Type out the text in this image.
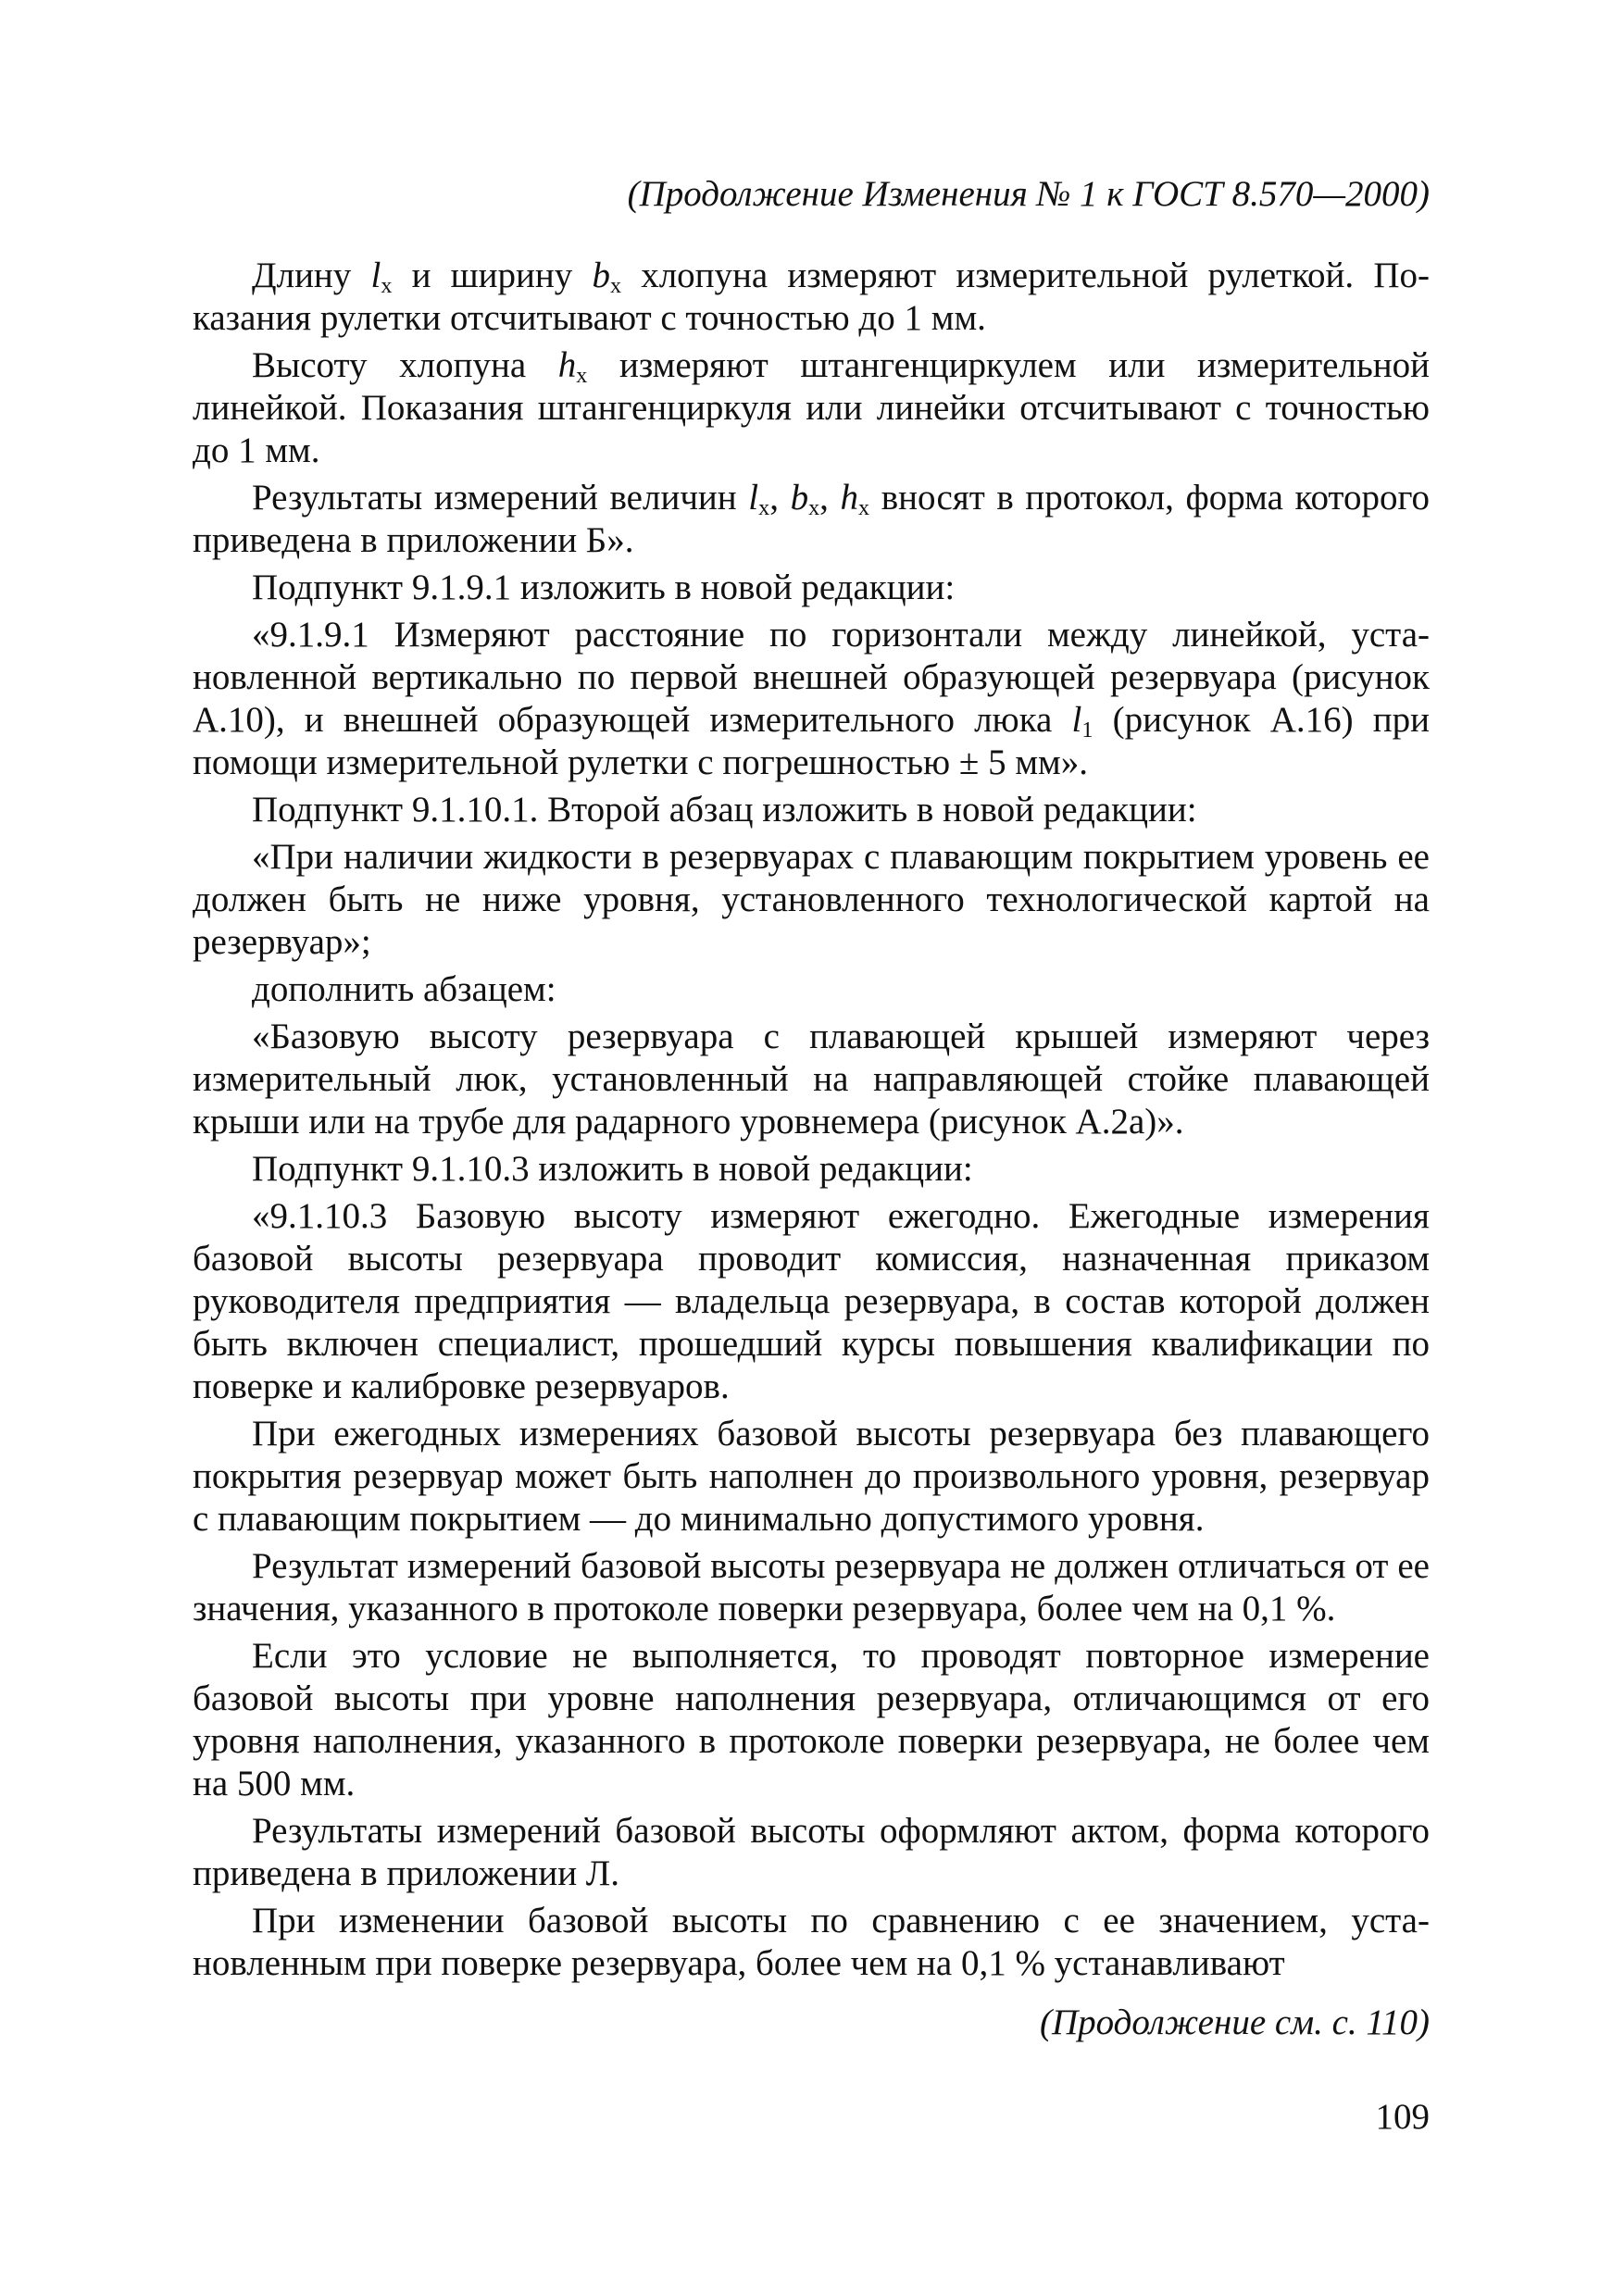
(Продолжение Изменения № 1 к ГОСТ 8.570—2000)

Длину $l_x$ и ширину $b_x$ хлопуна измеряют измерительной рулеткой. Показания рулетки отсчитывают с точностью до 1 мм.

Высоту хлопуна $h_x$ измеряют штангенциркулем или измерительной линейкой. Показания штангенциркуля или линейки отсчитывают с точностью до 1 мм.

Результаты измерений величин $l_x$, $b_x$, $h_x$ вносят в протокол, форма которого приведена в приложении Б».

Подпункт 9.1.9.1 изложить в новой редакции:

«9.1.9.1 Измеряют расстояние по горизонтали между линейкой, установленной вертикально по первой внешней образующей резервуара (рисунок А.10), и внешней образующей измерительного люка $l_1$ (рисунок А.16) при помощи измерительной рулетки с погрешностью ± 5 мм».

Подпункт 9.1.10.1. Второй абзац изложить в новой редакции:

«При наличии жидкости в резервуарах с плавающим покрытием уровень ее должен быть не ниже уровня, установленного технологической картой на резервуар»;

дополнить абзацем:

«Базовую высоту резервуара с плавающей крышей измеряют через измерительный люк, установленный на направляющей стойке плавающей крыши или на трубе для радарного уровнемера (рисунок А.2а)».

Подпункт 9.1.10.3 изложить в новой редакции:

«9.1.10.3 Базовую высоту измеряют ежегодно. Ежегодные измерения базовой высоты резервуара проводит комиссия, назначенная приказом руководителя предприятия — владельца резервуара, в состав которой должен быть включен специалист, прошедший курсы повышения квалификации по поверке и калибровке резервуаров.

При ежегодных измерениях базовой высоты резервуара без плавающего покрытия резервуар может быть наполнен до произвольного уровня, резервуар с плавающим покрытием — до минимально допустимого уровня.

Результат измерений базовой высоты резервуара не должен отличаться от ее значения, указанного в протоколе поверки резервуара, более чем на 0,1 %.

Если это условие не выполняется, то проводят повторное измерение базовой высоты при уровне наполнения резервуара, отличающимся от его уровня наполнения, указанного в протоколе поверки резервуара, не более чем на 500 мм.

Результаты измерений базовой высоты оформляют актом, форма которого приведена в приложении Л.

При изменении базовой высоты по сравнению с ее значением, установленным при поверке резервуара, более чем на 0,1 % устанавливают

(Продолжение см. с. 110)
109
